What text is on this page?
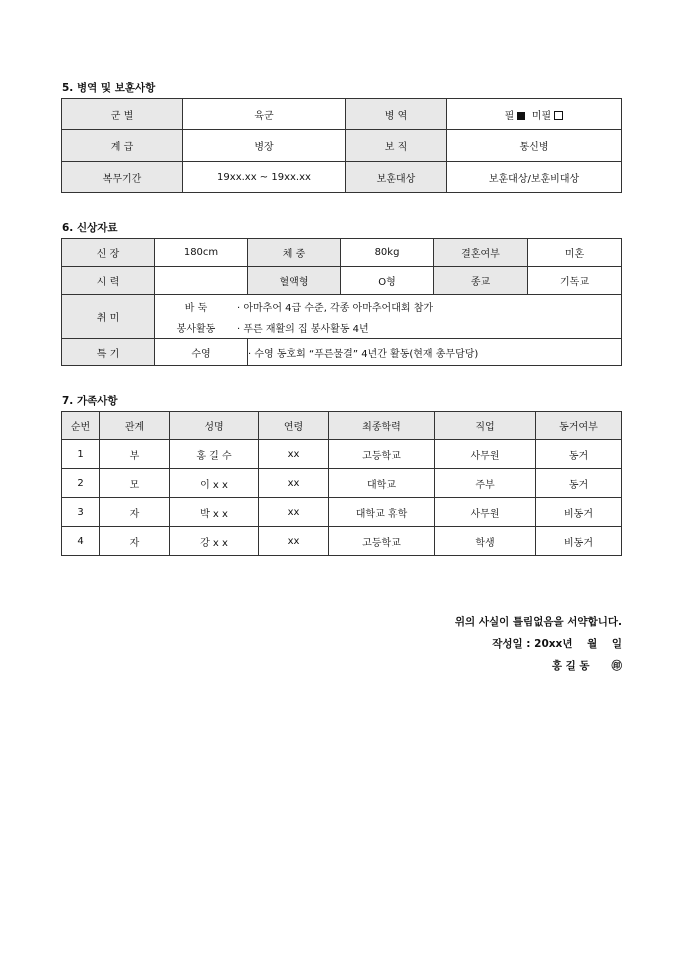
5. 병역 및 보훈사항
군 별	육군	병 역	필 미필
계 급	병장	보 직	통신병
복무기간	19xx.xx ~ 19xx.xx	보훈대상	보훈대상/보훈비대상
6. 신상자료
신 장	180cm	체 중	80kg	결혼여부	미혼
시 력		혈액형	O형	종교	기독교
취 미	바 둑 · 아마추어 4급 수준, 각종 아마추어대회 참가
봉사활동 · 푸른 재활의 집 봉사활동 4년				

특 기	수영	· 수영 동호회 “푸른물결” 4년간 활동(현재 총무담당)			
7. 가족사항
순번	관계	성명	연령	최종학력	직업	동거여부
1	부	홍 길 수	xx	고등학교	사무원	동거
2	모	이 x x	xx	대학교	주부	동거
3	자	박 x x	xx	대학교 휴학	사무원	비동거
4	자	강 x x	xx	고등학교	학생	비동거
위의 사실이 틀림없음을 서약합니다.
작성일 : 20xx년    월    일
홍 길 동 ㊞
